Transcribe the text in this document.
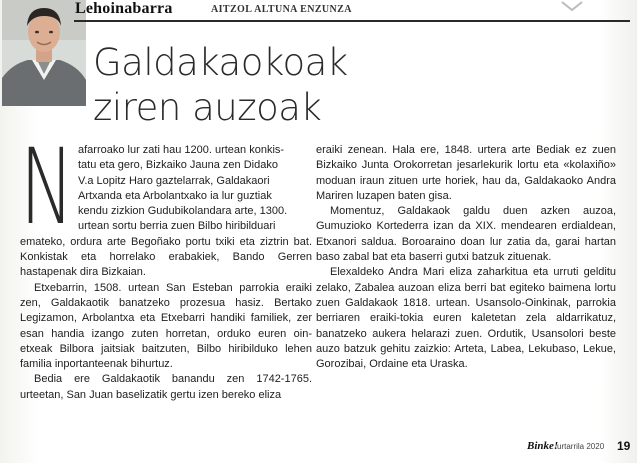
Lehoinabarra	AITZOL ALTUNA ENZUNZA
Galdakaokoak
ziren auzoak
N afarroako lur zati hau 1200. urtean konkis-

tatu eta gero, Bizkaiko Jauna zen Didako

V.a Lopitz Haro gaztelarrak, Galdakaori

Artxanda eta Arbolantxako ia lur guztiak

kendu zizkion Gudubikolandara arte, 1300.

urtean sortu berria zuen Bilbo hiribilduari

emateko, ordura arte Begoñako portu txiki eta ziztrin bat. Konkistak eta horrelako erabakiek, Bando Gerren hastapenak dira Bizkaian.

Etxebarrin, 1508. urtean San Esteban parrokia eraiki zen, Galdakaotik banatzeko prozesua hasiz. Bertako Legizamon, Arbolantxa eta Etxebarri handiki familiek, zer esan handia izango zuten horretan, orduko euren oin-etxeak Bilbora jaitsiak baitzuten, Bilbo hiribilduko lehen familia inportanteenak bihurtuz.

Bedia ere Galdakaotik banandu zen 1742-1765. urteetan, San Juan baselizatik gertu izen bereko eliza

eraiki zenean. Hala ere, 1848. urtera arte Bediak ez zuen Bizkaiko Junta Orokorretan jesarlekurik lortu eta «kolaxiño» moduan iraun zituen urte horiek, hau da, Galdakaoko Andra Mariren luzapen baten gisa.

Momentuz, Galdakaok galdu duen azken auzoa, Gumuzioko Kortederra izan da XIX. mendearen erdialdean, Etxanori saldua. Boroaraino doan lur zatia da, garai hartan baso zabal bat eta baserri gutxi batzuk zituenak.

Elexaldeko Andra Mari eliza zaharkitua eta urruti gelditu zelako, Zabalea auzoan eliza berri bat egiteko baimena lortu zuen Galdakaok 1818. urtean. Usansolo-Oinkinak, parrokia berriaren eraiki-tokia euren kaletetan zela aldarrikatuz, banatzeko aukera helarazi zuen. Ordutik, Usansolori beste auzo batzuk gehitu zaizkio: Arteta, Labea, Lekubaso, Lekue, Gorozibai, Ordaine eta Uraska.

Binke!
urtarrila 2020 19
